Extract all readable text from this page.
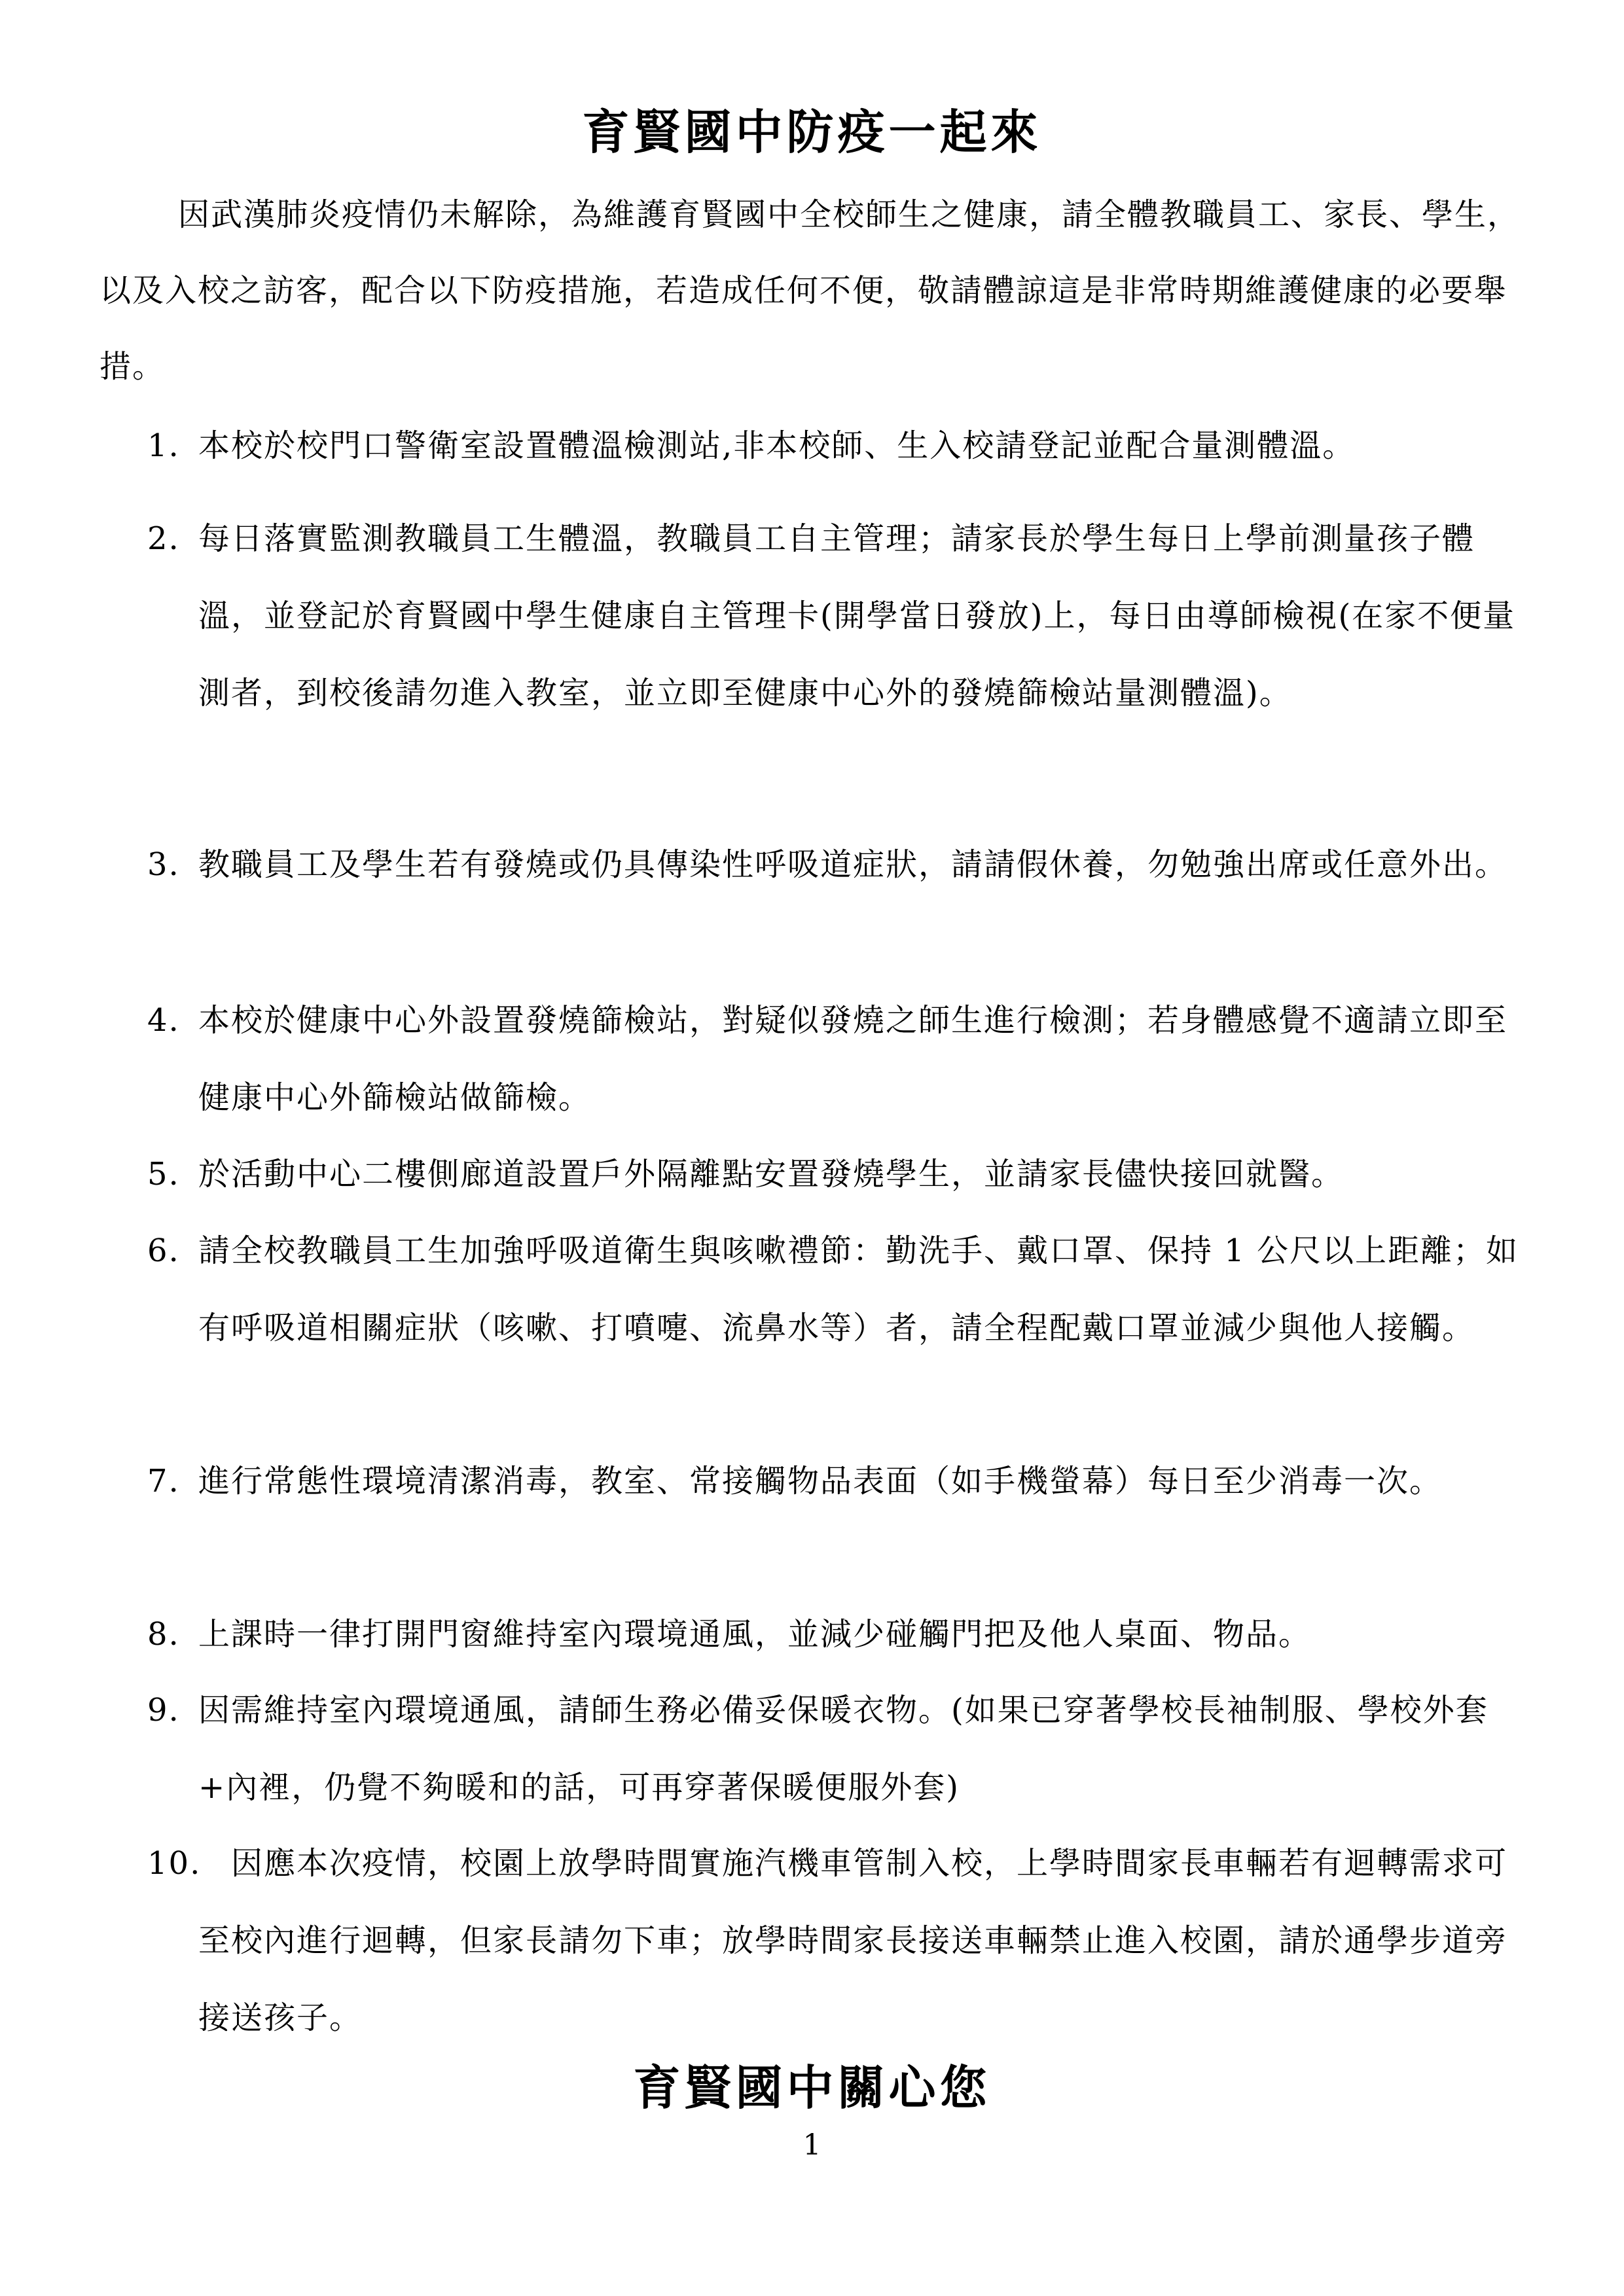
育賢國中防疫一起來
因武漢肺炎疫情仍未解除，為維護育賢國中全校師生之健康，請全體教職員工、家長、學生，以及入校之訪客，配合以下防疫措施，若造成任何不便，敬請體諒這是非常時期維護健康的必要舉措。
1. 本校於校門口警衛室設置體溫檢測站,非本校師、生入校請登記並配合量測體溫。
2. 每日落實監測教職員工生體溫，教職員工自主管理；請家長於學生每日上學前測量孩子體溫，並登記於育賢國中學生健康自主管理卡(開學當日發放)上，每日由導師檢視(在家不便量測者，到校後請勿進入教室，並立即至健康中心外的發燒篩檢站量測體溫)。
3. 教職員工及學生若有發燒或仍具傳染性呼吸道症狀，請請假休養，勿勉強出席或任意外出。
4. 本校於健康中心外設置發燒篩檢站，對疑似發燒之師生進行檢測；若身體感覺不適請立即至健康中心外篩檢站做篩檢。
5. 於活動中心二樓側廊道設置戶外隔離點安置發燒學生，並請家長儘快接回就醫。
6. 請全校教職員工生加強呼吸道衛生與咳嗽禮節：勤洗手、戴口罩、保持 1 公尺以上距離；如有呼吸道相關症狀（咳嗽、打噴嚏、流鼻水等）者，請全程配戴口罩並減少與他人接觸。
7. 進行常態性環境清潔消毒，教室、常接觸物品表面（如手機螢幕）每日至少消毒一次。
8. 上課時一律打開門窗維持室內環境通風，並減少碰觸門把及他人桌面、物品。
9. 因需維持室內環境通風，請師生務必備妥保暖衣物。(如果已穿著學校長袖制服、學校外套+內裡，仍覺不夠暖和的話，可再穿著保暖便服外套)
10. 因應本次疫情，校園上放學時間實施汽機車管制入校，上學時間家長車輛若有迴轉需求可至校內進行迴轉，但家長請勿下車；放學時間家長接送車輛禁止進入校園，請於通學步道旁接送孩子。
育賢國中關心您
1
